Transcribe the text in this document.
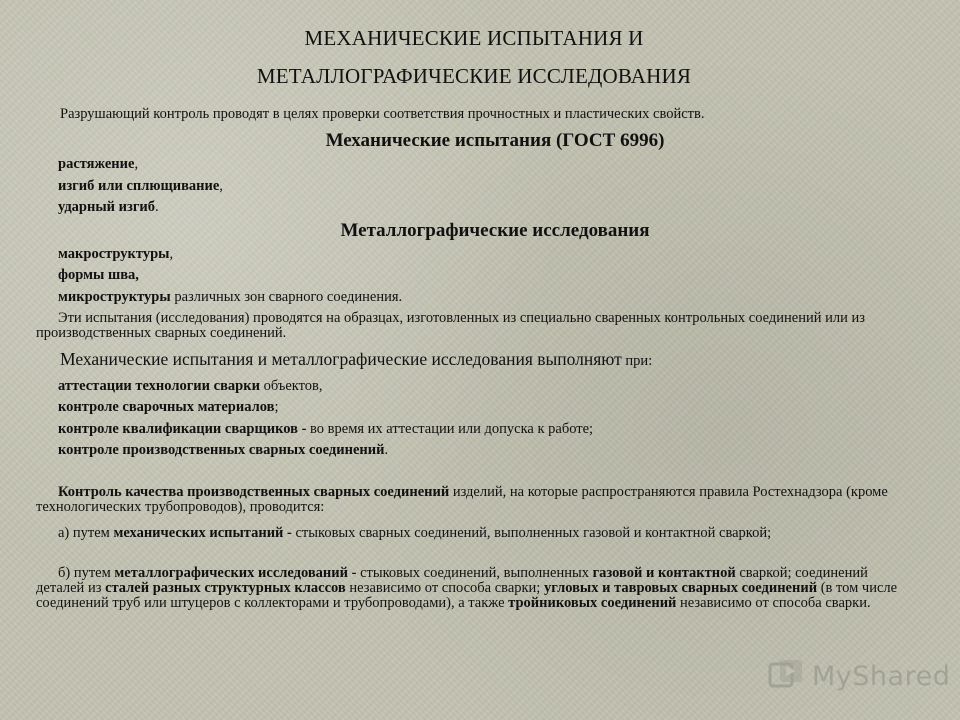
МЕХАНИЧЕСКИЕ ИСПЫТАНИЯ И
МЕТАЛЛОГРАФИЧЕСКИЕ ИССЛЕДОВАНИЯ
Разрушающий контроль проводят в целях проверки соответствия прочностных и пластических свойств.
Механические испытания (ГОСТ 6996)
растяжение,
изгиб или сплющивание,
ударный изгиб.
Металлографические исследования
макроструктуры,
формы шва,
микроструктуры различных зон сварного соединения.
Эти испытания (исследования) проводятся на образцах, изготовленных из специально сваренных контрольных соединений или из производственных сварных соединений.
Механические испытания и металлографические исследования выполняют при:
аттестации технологии сварки объектов,
контроле сварочных материалов;
контроле квалификации сварщиков - во время их аттестации или допуска к работе;
контроле производственных сварных соединений.
Контроль качества производственных сварных соединений изделий, на которые распространяются правила Ростехнадзора (кроме технологических трубопроводов), проводится:
а) путем механических испытаний - стыковых сварных соединений, выполненных газовой и контактной сваркой;
б) путем металлографических исследований - стыковых соединений, выполненных газовой и контактной сваркой; соединений деталей из сталей разных структурных классов независимо от способа сварки; угловых и тавровых сварных соединений (в том числе соединений труб или штуцеров с коллекторами и трубопроводами), а также тройниковых соединений независимо от способа сварки.
MyShared
